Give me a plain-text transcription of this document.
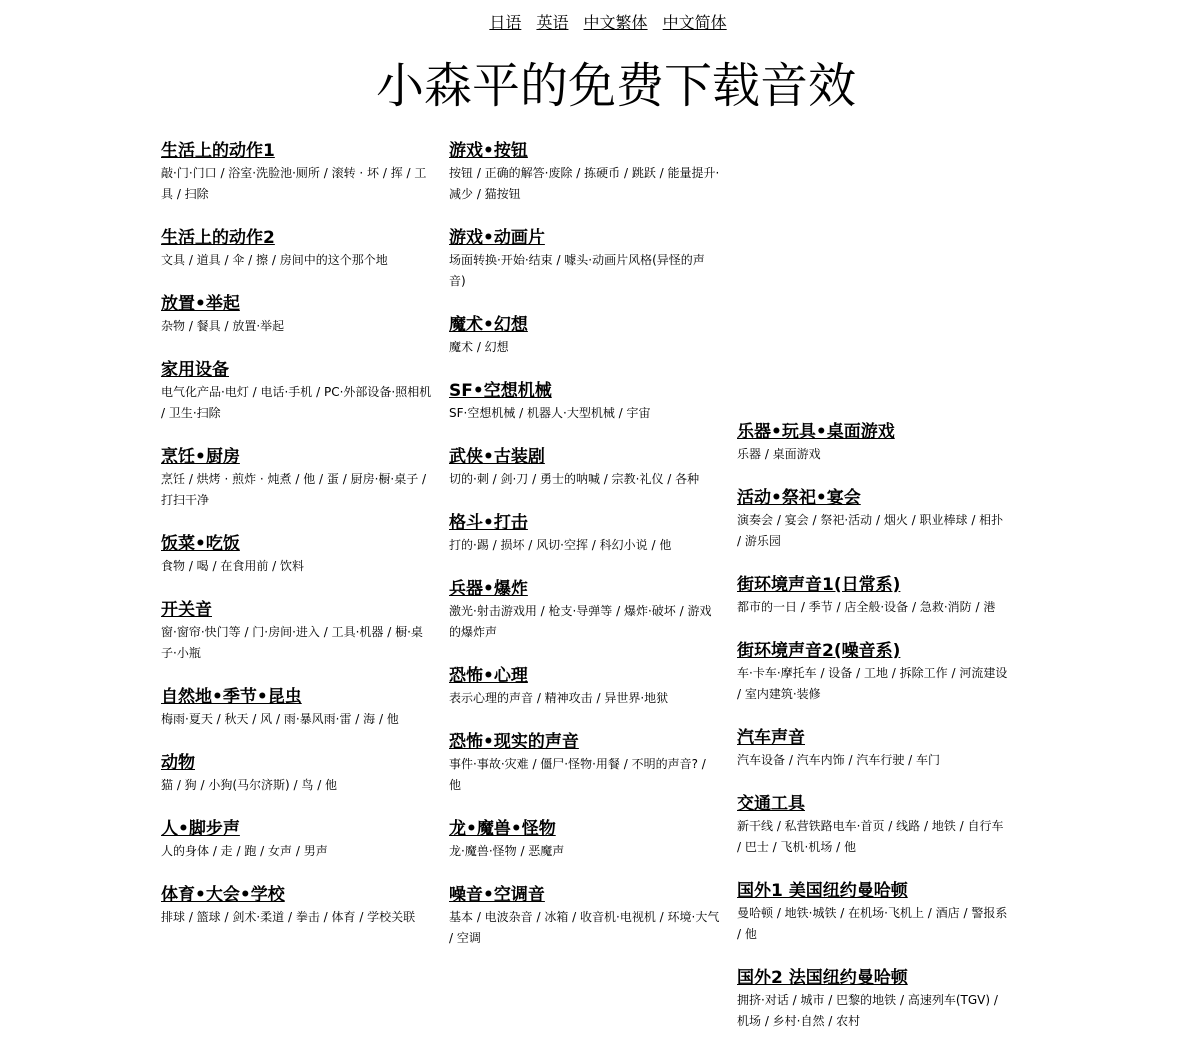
日语 英语 中文繁体 中文简体
小森平的免费下载音效
生活上的动作1
敲·门·门口 / 浴室·洗脸池·厕所 / 滚转 · 坏 / 挥 / 工具 / 扫除
生活上的动作2
文具 / 道具 / 伞 / 擦 / 房间中的这个那个地
放置•举起
杂物 / 餐具 / 放置·举起
家用设备
电气化产品·电灯 / 电话·手机 / PC·外部设备·照相机 / 卫生·扫除
烹饪•厨房
烹饪 / 烘烤 · 煎炸 · 炖煮 / 他 / 蛋 / 厨房·橱·桌子 / 打扫干净
饭菜•吃饭
食物 / 喝 / 在食用前 / 饮料
开关音
窗·窗帘·快门等 / 门·房间·进入 / 工具·机器 / 橱·桌子·小瓶
自然地•季节•昆虫
梅雨·夏天 / 秋天 / 风 / 雨·暴风雨·雷 / 海 / 他
动物
猫 / 狗 / 小狗(马尔济斯) / 鸟 / 他
人•脚步声
人的身体 / 走 / 跑 / 女声 / 男声
体育•大会•学校
排球 / 篮球 / 剑术·柔道 / 拳击 / 体育 / 学校关联
游戏•按钮
按钮 / 正确的解答·废除 / 拣硬币 / 跳跃 / 能量提升·减少 / 猫按钮
游戏•动画片
场面转换·开始·结束 / 噱头·动画片风格(异怪的声音)
魔术•幻想
魔术 / 幻想
SF•空想机械
SF·空想机械 / 机器人·大型机械 / 宇宙
武侠•古装剧
切的·刺 / 剑·刀 / 勇士的呐喊 / 宗教·礼仪 / 各种
格斗•打击
打的·踢 / 损坏 / 风切·空挥 / 科幻小说 / 他
兵器•爆炸
激光·射击游戏用 / 枪支·导弹等 / 爆炸·破坏 / 游戏的爆炸声
恐怖•心理
表示心理的声音 / 精神攻击 / 异世界·地狱
恐怖•现实的声音
事件·事故·灾难 / 僵尸·怪物·用餐 / 不明的声音? / 他
龙•魔兽•怪物
龙·魔兽·怪物 / 恶魔声
噪音•空调音
基本 / 电波杂音 / 冰箱 / 收音机·电视机 / 环境·大气 / 空调
乐器•玩具•桌面游戏
乐器 / 桌面游戏
活动•祭祀•宴会
演奏会 / 宴会 / 祭祀·活动 / 烟火 / 职业棒球 / 相扑 / 游乐园
街环境声音1(日常系)
都市的一日 / 季节 / 店全般·设备 / 急救·消防 / 港
街环境声音2(噪音系)
车·卡车·摩托车 / 设备 / 工地 / 拆除工作 / 河流建设 / 室内建筑·装修
汽车声音
汽车设备 / 汽车内饰 / 汽车行驶 / 车门
交通工具
新干线 / 私营铁路电车·首页 / 线路 / 地铁 / 自行车 / 巴士 / 飞机·机场 / 他
国外1 美国纽约曼哈顿
曼哈顿 / 地铁·城铁 / 在机场·飞机上 / 酒店 / 警报系 / 他
国外2 法国纽约曼哈顿
拥挤·对话 / 城市 / 巴黎的地铁 / 高速列车(TGV) / 机场 / 乡村·自然 / 农村
